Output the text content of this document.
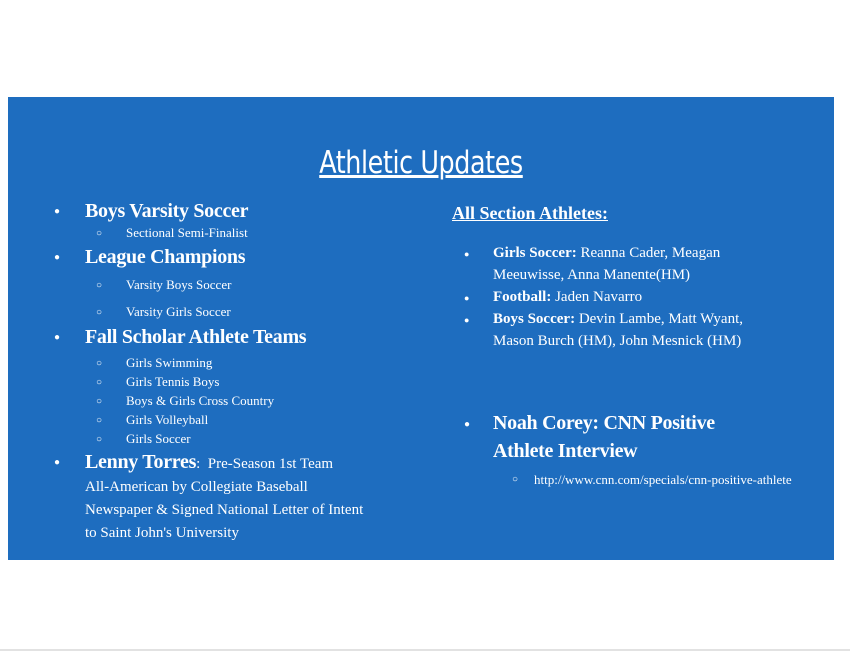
Athletic Updates
● Boys Varsity Soccer
○ Sectional Semi-Finalist
● League Champions
○ Varsity Boys Soccer
○ Varsity Girls Soccer
● Fall Scholar Athlete Teams
○ Girls Swimming
○ Girls Tennis Boys
○ Boys & Girls Cross Country
○ Girls Volleyball
○ Girls Soccer
● Lenny Torres: Pre-Season 1st Team
All-American by Collegiate Baseball
Newspaper & Signed National Letter of Intent
to Saint John's University
All Section Athletes:
● Girls Soccer: Reanna Cader, Meagan
Meeuwisse, Anna Manente(HM)
● Football: Jaden Navarro
● Boys Soccer: Devin Lambe, Matt Wyant,
Mason Burch (HM), John Mesnick (HM)
● Noah Corey: CNN Positive
Athlete Interview
○ http://www.cnn.com/specials/cnn-positive-athlete
